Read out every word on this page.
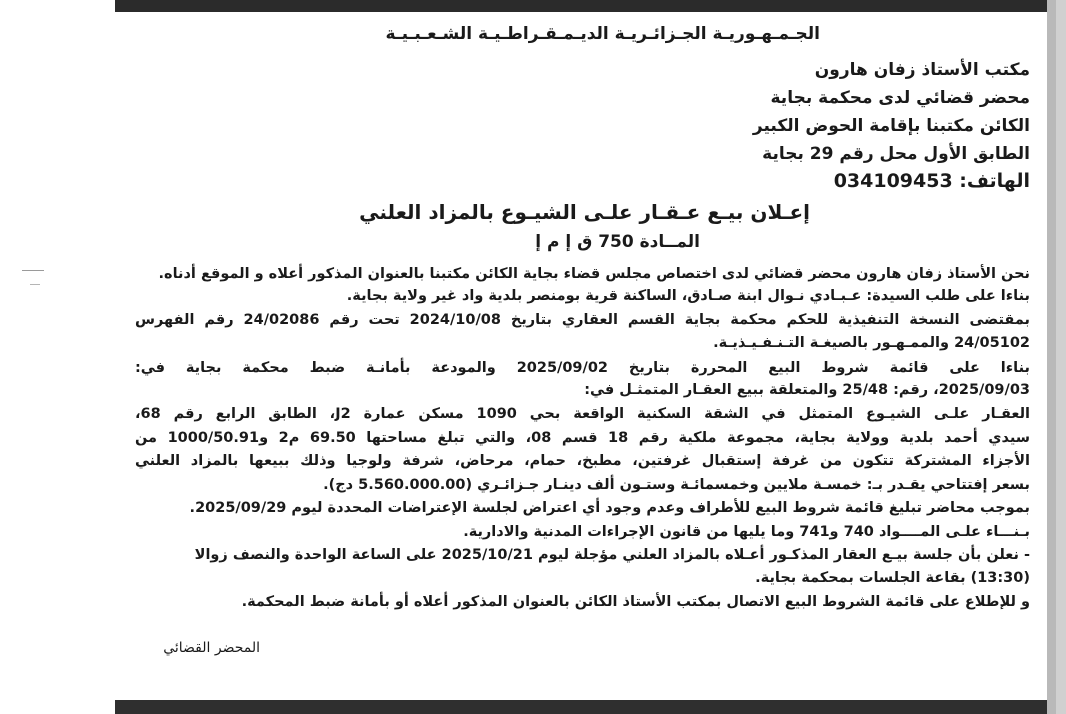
الجـمـهـوريـة الجـزائـريـة الديـمـقـراطـيـة الشـعـبـيـة
مكتب الأستاذ زفان هارون
محضر قضائي لدى محكمة بجاية
الكائن مكتبنا بإقامة الحوض الكبير
الطابق الأول محل رقم 29 بجاية
الهاتف: 034109453
إعـلان بيـع عـقـار علـى الشيـوع بالمزاد العلني
المــادة 750 ق إ م إ
نحن الأستاذ زفان هارون محضر قضائي لدى اختصاص مجلس قضاء بجاية الكائن مكتبنا بالعنوان المذكور أعلاه و الموقع أدناه.
بناءا على طلب السيدة: عـبـادي نـوال ابنة صـادق، الساكنة قرية بومنصر بلدية واد غير ولاية بجاية.
بمقتضى النسخة التنفيذية للحكم محكمة بجاية القسم العقاري بتاريخ 2024/10/08 تحت رقم 24/02086 رقم الفهرس
24/05102 والممـهـور بالصيغـة التـنـفـيـذيـة.
بناءا على قائمة شروط البيع المحررة بتاريخ 2025/09/02 والمودعة بأمانـة ضبط محكمة بجاية في:
2025/09/03، رقم: 25/48 والمتعلقة ببيع العقـار المتمثـل في:
العقـار علـى الشيـوع المتمثل في الشقة السكنية الواقعة بحي 1090 مسكن عمارة J2، الطابق الرابع رقم 68،
سيدي أحمد بلدية وولاية بجاية، مجموعة ملكية رقم 18 قسم 08، والتي تبلغ مساحتها 69.50 م2 و1000/50.91 من
الأجزاء المشتركة تتكون من غرفة إستقبال غرفتين، مطبخ، حمام، مرحاض، شرفة ولوجيا وذلك ببيعها بالمزاد العلني
بسعر إفتتاحي يقـدر بـ: خمسـة ملايين وخمسمائـة وستـون ألف دينـار جـزائـري (5.560.000.00 دج).
بموجب محاضر تبليغ قائمة شروط البيع للأطراف وعدم وجود أي اعتراض لجلسة الإعتراضات المحددة ليوم 2025/09/29.
بـنـــاء علـى المــــواد 740 و741 وما يليها من قانون الإجراءات المدنية والادارية.
- نعلن بأن جلسة بيـع العقار المذكـور أعـلاه بالمزاد العلني مؤجلة ليوم 2025/10/21 على الساعة الواحدة والنصف زوالا
(13:30) بقاعة الجلسات بمحكمة بجاية.
و للإطلاع على قائمة الشروط البيع الاتصال بمكتب الأستاذ الكائن بالعنوان المذكور أعلاه أو بأمانة ضبط المحكمة.
المحضر القضائي
